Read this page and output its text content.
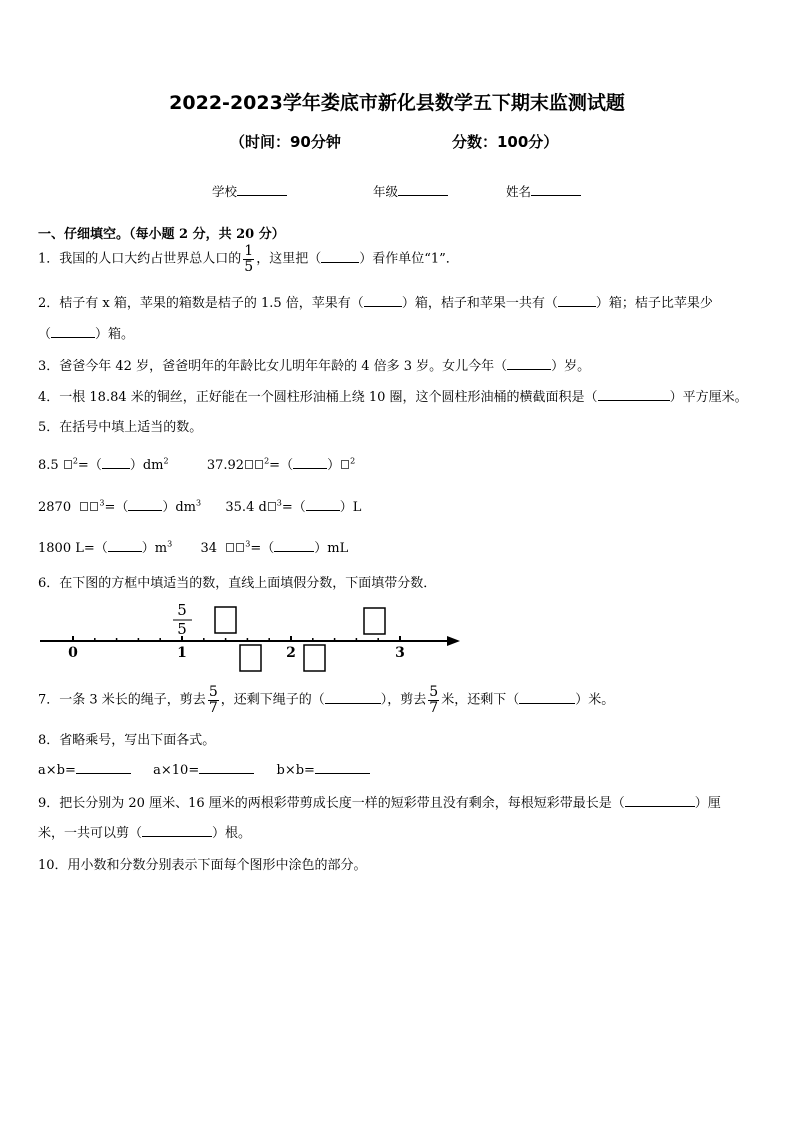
2022-2023学年娄底市新化县数学五下期末监测试题
（时间：90分钟	分数：100分）
学校	年级	姓名
一、仔细填空。（每小题 2 分，共 20 分）
1．我国的人口大约占世界总人口的 $\frac{1}{5}$ ，这里把（	）看作单位“1”．
2．桔子有 x 箱，苹果的箱数是桔子的 1.5 倍，苹果有（	）箱，桔子和苹果一共有（	）箱；桔子比苹果少
（	）箱。
3．爸爸今年 42 岁，爸爸明年的年龄比女儿明年年龄的 4 倍多 3 岁。女儿今年（	）岁。
4．一根 18.84 米的铜丝，正好能在一个圆柱形油桶上绕 10 圈，这个圆柱形油桶的横截面积是（	）平方厘米。
5．在括号中填上适当的数。
8.5 $^2$=（ ）$dm^2$	37.92	$^2$=（	） $^2$
2870	$^3$=（	）$dm^3$ 35.4 d $^3$=（	）L
1800 L=（	）$m^3$ 34	$^3$=（	）mL
6．在下图的方框中填适当的数，直线上面填假分数，下面填带分数．
0	1	2	3
5
5
7．一条 3 米长的绳子，剪去 $\frac{5}{7}$ ，还剩下绳子的（	），剪去 $\frac{5}{7}$ 米，还剩下（	）米。
8．省略乘号，写出下面各式。
a×b=	a×10=	b×b=
9．把长分别为 20 厘米、16 厘米的两根彩带剪成长度一样的短彩带且没有剩余，每根短彩带最长是（	）厘
米，一共可以剪（	）根。
10．用小数和分数分别表示下面每个图形中涂色的部分。
